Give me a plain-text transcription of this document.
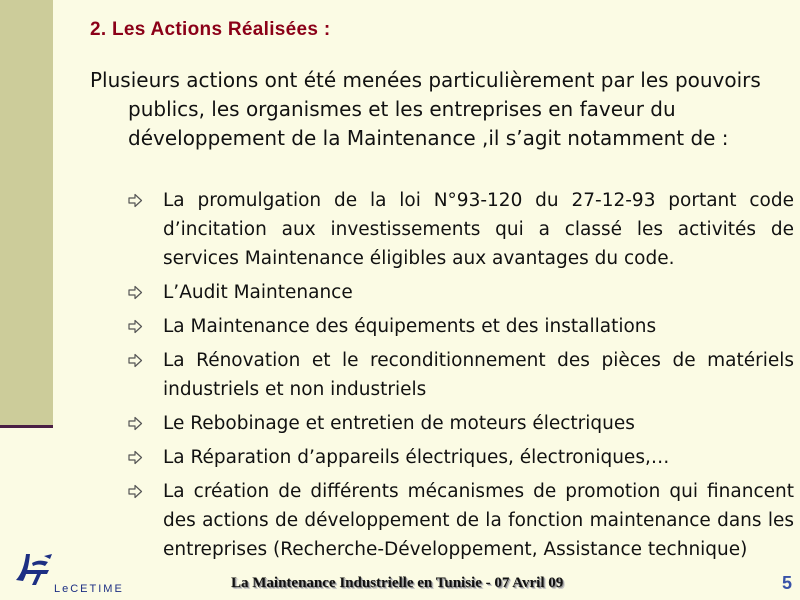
2. Les Actions Réalisées :
Plusieurs actions ont été menées particulièrement par les pouvoirs publics, les organismes et les entreprises en faveur du développement de la Maintenance ,il s’agit notamment de :
La promulgation de la loi N°93-120 du 27-12-93 portant code d’incitation aux investissements qui a classé les activités de services Maintenance éligibles aux avantages du code.
L’Audit Maintenance
La Maintenance des équipements et des installations
La Rénovation et le reconditionnement des pièces de matériels industriels et non industriels
Le Rebobinage et entretien de moteurs électriques
La Réparation d’appareils électriques, électroniques,…
La création de différents mécanismes de promotion qui financent des actions de développement de la fonction maintenance dans les entreprises (Recherche-Développement, Assistance technique)
LeCETIME	La Maintenance Industrielle en Tunisie - 07 Avril 09	5
